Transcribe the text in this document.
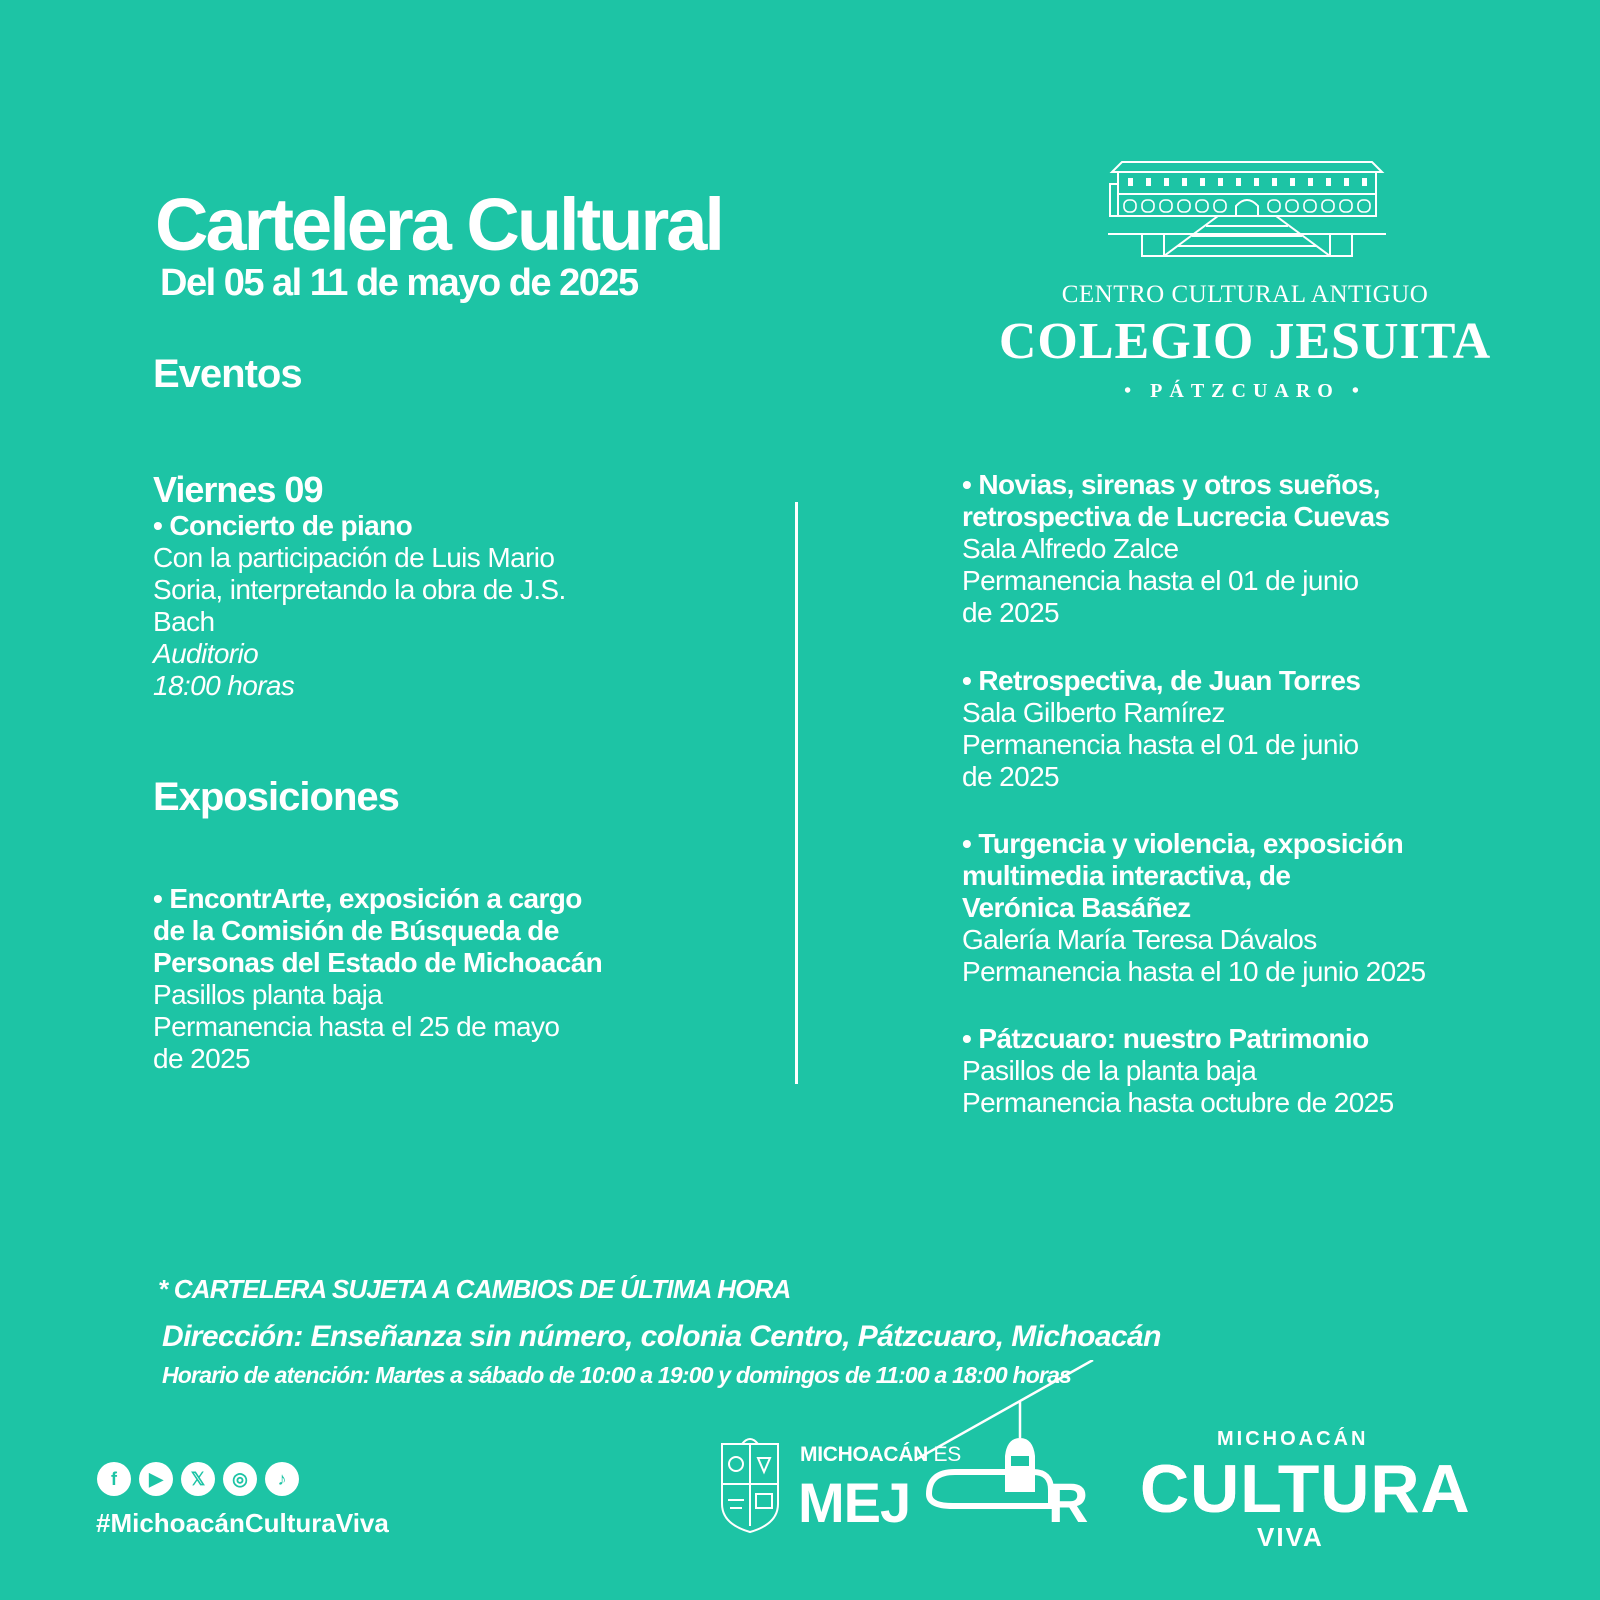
Cartelera Cultural
Del 05 al 11 de mayo de 2025	CENTRO CULTURAL ANTIGUO
COLEGIO JESUITA
• PÁTZCUARO •
Eventos
Viernes 09
• Concierto de piano
Con la participación de Luis Mario
Soria, interpretando la obra de J.S.
Bach
Auditorio
18:00 horas
Exposiciones
• EncontrArte, exposición a cargo
de la Comisión de Búsqueda de
Personas del Estado de Michoacán
Pasillos planta baja
Permanencia hasta el 25 de mayo
de 2025
• Novias, sirenas y otros sueños,
retrospectiva de Lucrecia Cuevas
Sala Alfredo Zalce
Permanencia hasta el 01 de junio
de 2025
• Retrospectiva, de Juan Torres
Sala Gilberto Ramírez
Permanencia hasta el 01 de junio
de 2025
• Turgencia y violencia, exposición
multimedia interactiva, de
Verónica Basáñez
Galería María Teresa Dávalos
Permanencia hasta el 10 de junio 2025
• Pátzcuaro: nuestro Patrimonio
Pasillos de la planta baja
Permanencia hasta octubre de 2025
* CARTELERA SUJETA A CAMBIOS DE ÚLTIMA HORA
Dirección: Enseñanza sin número, colonia Centro, Pátzcuaro, Michoacán
Horario de atención: Martes a sábado de 10:00 a 19:00 y domingos de 11:00 a 18:00 horas
f	▶	𝕏	◎	♪
#MichoacánCulturaViva
MICHOACÁN ES
MEJ R
MICHOACÁN
CULTURA
VIVA
